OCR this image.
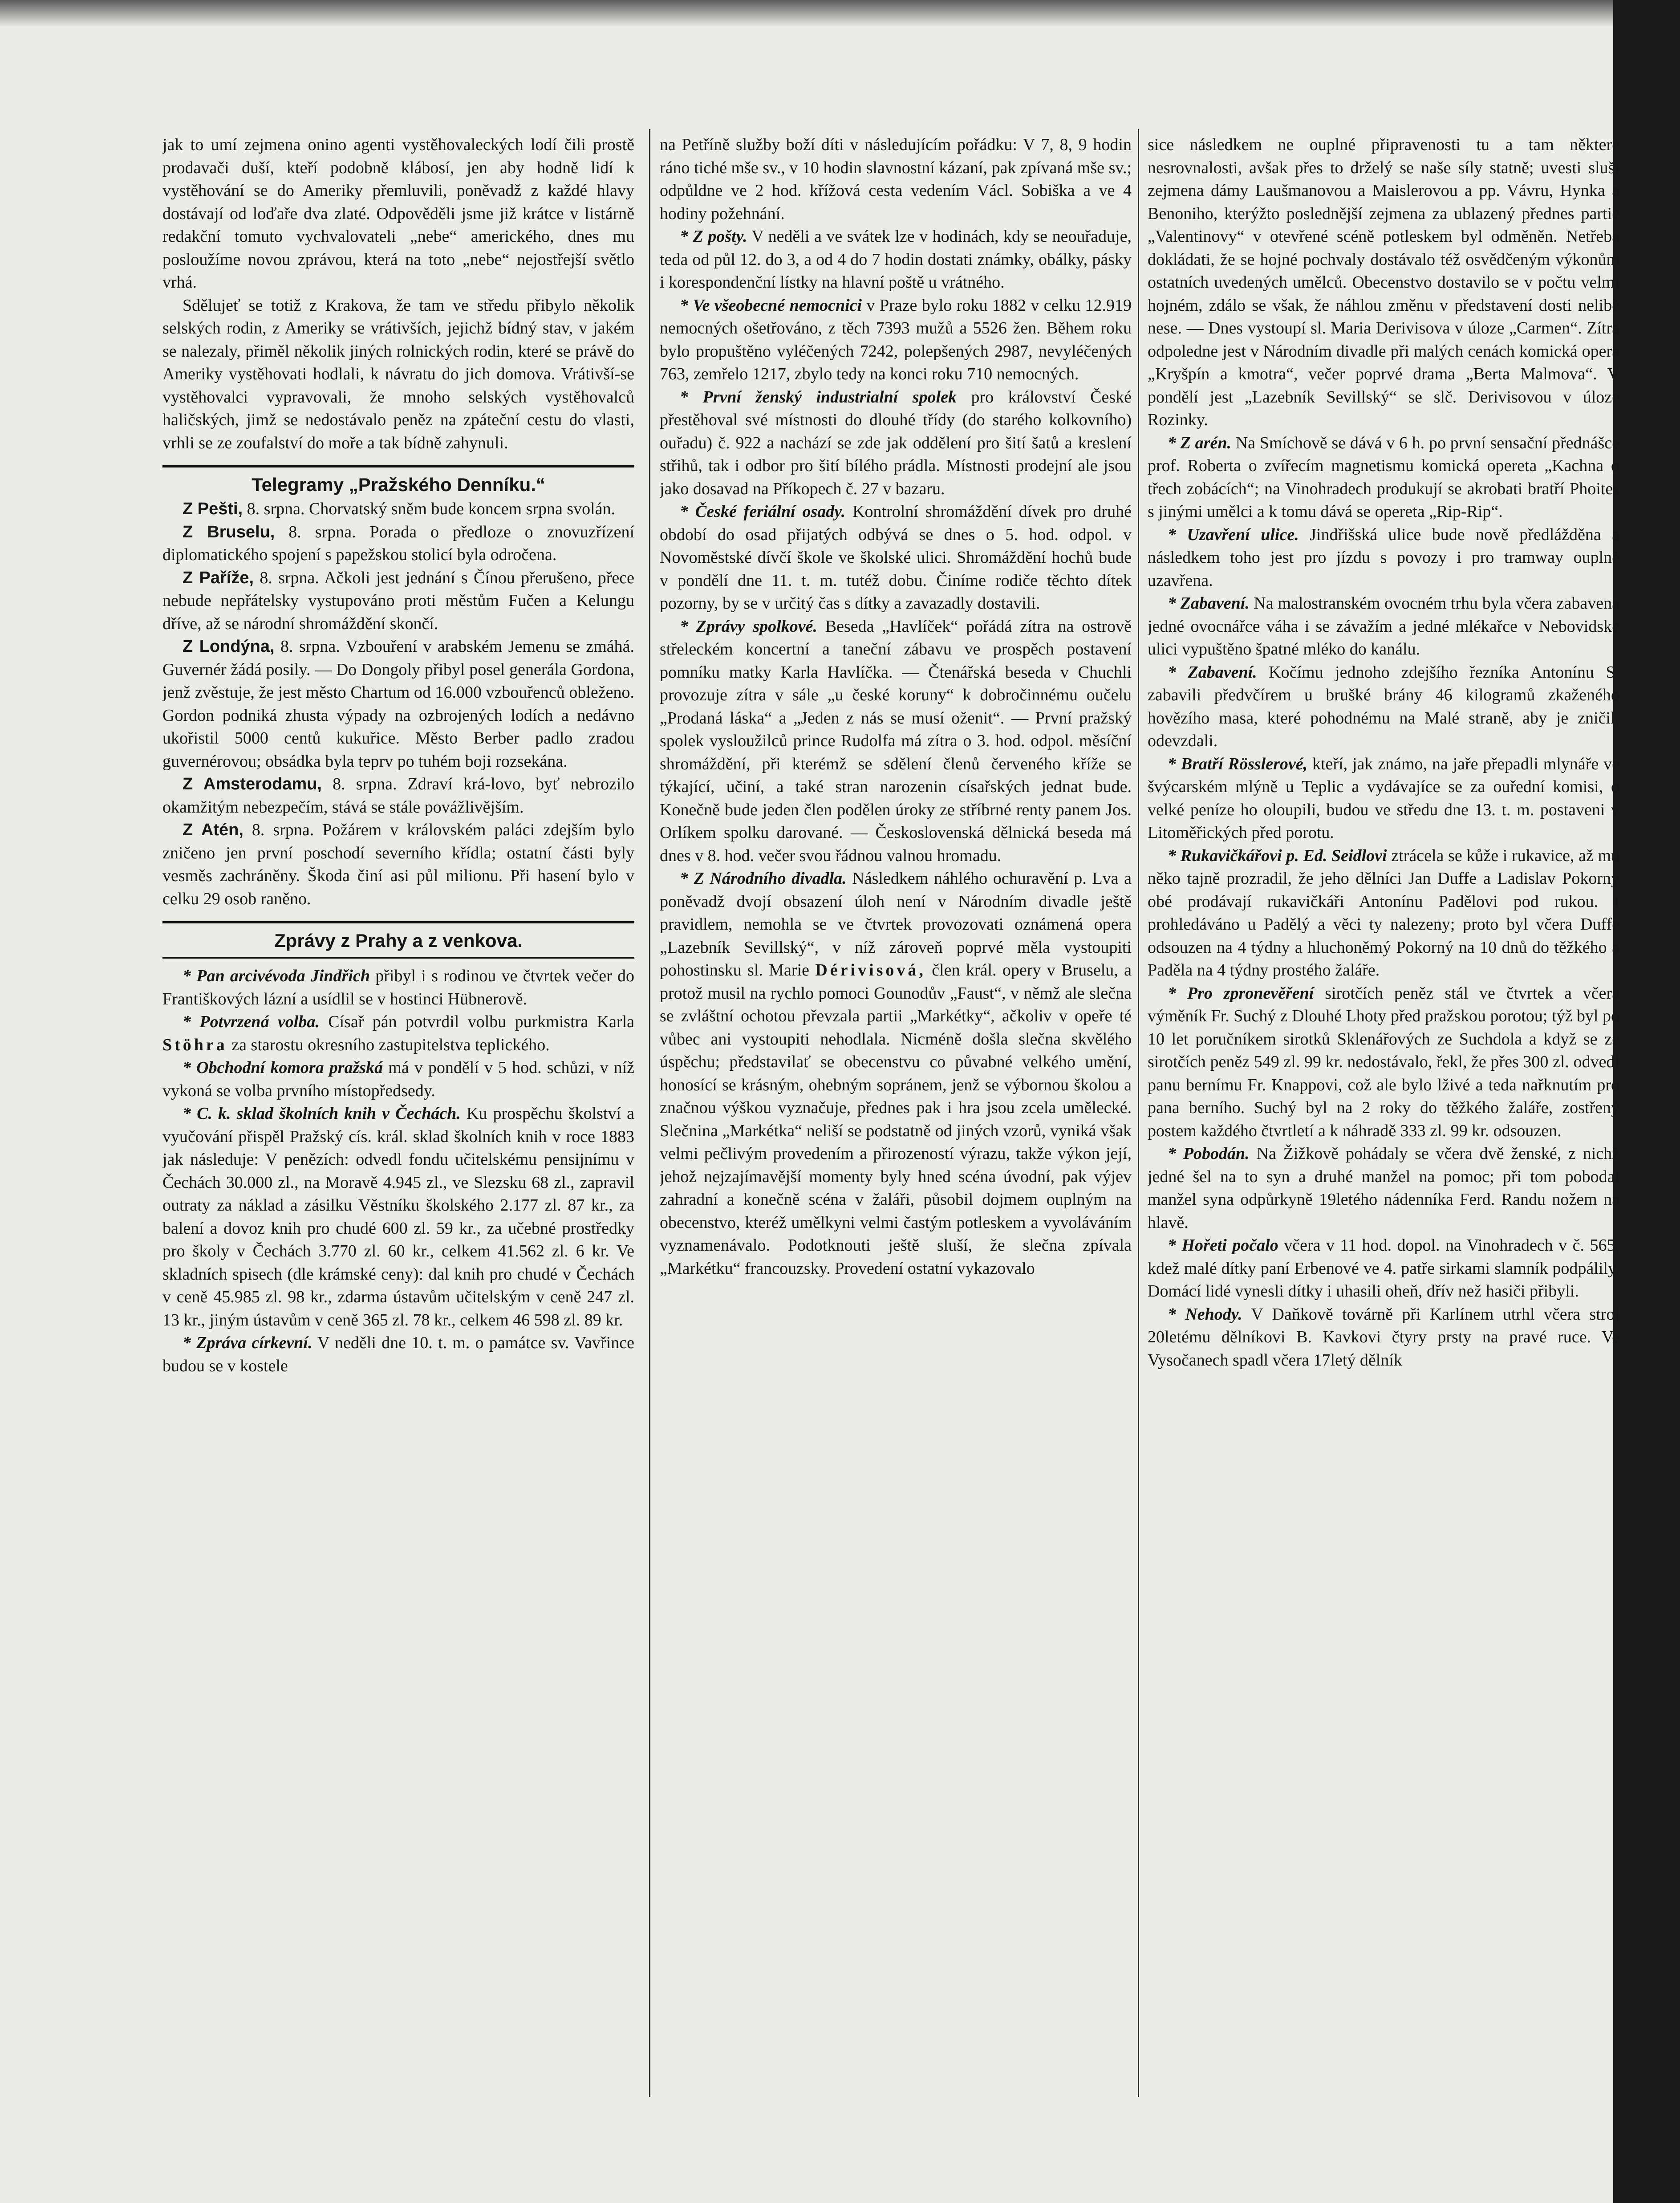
jak to umí zejmena onino agenti vystěhovaleckých lodí čili prostě prodavači duší, kteří podobně klábosí, jen aby hodně lidí k vystěhování se do Ameriky přemluvili, poněvadž z každé hlavy dostávají od loďaře dva zlaté. Odpověděli jsme již krátce v listárně redakční tomuto vychvalovateli „nebe“ amerického, dnes mu posloužíme novou zprávou, která na toto „nebe“ nejostřejší světlo vrhá.

Sdělujeť se totiž z Krakova, že tam ve středu přibylo několik selských rodin, z Ameriky se vrátivších, jejichž bídný stav, v jakém se nalezaly, přiměl několik jiných rolnických rodin, které se právě do Ameriky vystěhovati hodlali, k návratu do jich domova. Vrátivší-se vystěhovalci vypravovali, že mnoho selských vystěhovalců haličských, jimž se nedostávalo peněz na zpáteční cestu do vlasti, vrhli se ze zoufalství do moře a tak bídně zahynuli.

Telegramy „Pražského Denníku.“

Z Pešti, 8. srpna. Chorvatský sněm bude koncem srpna svolán.

Z Bruselu, 8. srpna. Porada o předloze o znovuzřízení diplomatického spojení s papežskou stolicí byla odročena.

Z Paříže, 8. srpna. Ačkoli jest jednání s Čínou přerušeno, přece nebude nepřátelsky vystupováno proti městům Fučen a Kelungu dříve, až se národní shromáždění skončí.

Z Londýna, 8. srpna. Vzbouření v arabském Jemenu se zmáhá. Guvernér žádá posily. — Do Dongoly přibyl posel generála Gordona, jenž zvěstuje, že jest město Chartum od 16.000 vzbouřenců obleženo. Gordon podniká zhusta výpady na ozbrojených lodích a nedávno ukořistil 5000 centů kukuřice. Město Berber padlo zradou guvernérovou; obsádka byla teprv po tuhém boji rozsekána.

Z Amsterodamu, 8. srpna. Zdraví krá-lovo, byť nebrozilo okamžitým nebezpečím, stává se stále povážlivějším.

Z Atén, 8. srpna. Požárem v královském paláci zdejším bylo zničeno jen první poschodí severního křídla; ostatní části byly vesměs zachráněny. Škoda činí asi půl milionu. Při hasení bylo v celku 29 osob raněno.

Zprávy z Prahy a z venkova.

* Pan arcivévoda Jindřich přibyl i s rodinou ve čtvrtek večer do Františkových lázní a usídlil se v hostinci Hübnerově.

* Potvrzená volba. Císař pán potvrdil volbu purkmistra Karla Stöhra za starostu okresního zastupitelstva teplického.

* Obchodní komora pražská má v pondělí v 5 hod. schůzi, v níž vykoná se volba prvního místopředsedy.

* C. k. sklad školních knih v Čechách. Ku prospěchu školství a vyučování přispěl Pražský cís. král. sklad školních knih v roce 1883 jak následuje: V penězích: odvedl fondu učitelskému pensijnímu v Čechách 30.000 zl., na Moravě 4.945 zl., ve Slezsku 68 zl., zapravil outraty za náklad a zásilku Věstníku školského 2.177 zl. 87 kr., za balení a dovoz knih pro chudé 600 zl. 59 kr., za učebné prostředky pro školy v Čechách 3.770 zl. 60 kr., celkem 41.562 zl. 6 kr. Ve skladních spisech (dle krámské ceny): dal knih pro chudé v Čechách v ceně 45.985 zl. 98 kr., zdarma ústavům učitelským v ceně 247 zl. 13 kr., jiným ústavům v ceně 365 zl. 78 kr., celkem 46 598 zl. 89 kr.

* Zpráva církevní. V neděli dne 10. t. m. o památce sv. Vavřince budou se v kostele

na Petříně služby boží díti v následujícím pořádku: V 7, 8, 9 hodin ráno tiché mše sv., v 10 hodin slavnostní kázaní, pak zpívaná mše sv.; odpůldne ve 2 hod. křížová cesta vedením Václ. Sobiška a ve 4 hodiny požehnání.

* Z pošty. V neděli a ve svátek lze v hodinách, kdy se neouřaduje, teda od půl 12. do 3, a od 4 do 7 hodin dostati známky, obálky, pásky i korespondenční lístky na hlavní poště u vrátného.

* Ve všeobecné nemocnici v Praze bylo roku 1882 v celku 12.919 nemocných ošetřováno, z těch 7393 mužů a 5526 žen. Během roku bylo propuštěno vyléčených 7242, polepšených 2987, nevyléčených 763, zemřelo 1217, zbylo tedy na konci roku 710 nemocných.

* První ženský industrialní spolek pro království České přestěhoval své místnosti do dlouhé třídy (do starého kolkovního) ouřadu) č. 922 a nachází se zde jak oddělení pro šití šatů a kreslení střihů, tak i odbor pro šití bílého prádla. Místnosti prodejní ale jsou jako dosavad na Příkopech č. 27 v bazaru.

* České feriální osady. Kontrolní shromáždění dívek pro druhé období do osad přijatých odbývá se dnes o 5. hod. odpol. v Novoměstské dívčí škole ve školské ulici. Shromáždění hochů bude v pondělí dne 11. t. m. tutéž dobu. Činíme rodiče těchto dítek pozorny, by se v určitý čas s dítky a zavazadly dostavili.

* Zprávy spolkové. Beseda „Havlíček“ pořádá zítra na ostrově střeleckém koncertní a taneční zábavu ve prospěch postavení pomníku matky Karla Havlíčka. — Čtenářská beseda v Chuchli provozuje zítra v sále „u české koruny“ k dobročinnému oučelu „Prodaná láska“ a „Jeden z nás se musí oženit“. — První pražský spolek vysloužilců prince Rudolfa má zítra o 3. hod. odpol. měsíční shromáždění, při kterémž se sdělení členů červeného kříže se týkající, učiní, a také stran narozenin císařských jednat bude. Konečně bude jeden člen podělen úroky ze stříbrné renty panem Jos. Orlíkem spolku darované. — Československá dělnická beseda má dnes v 8. hod. večer svou řádnou valnou hromadu.

* Z Národního divadla. Následkem náhlého ochuravění p. Lva a poněvadž dvojí obsazení úloh není v Národním divadle ještě pravidlem, nemohla se ve čtvrtek provozovati oznámená opera „Lazebník Sevillský“, v níž zároveň poprvé měla vystoupiti pohostinsku sl. Marie Dérivisová, člen král. opery v Bruselu, a protož musil na rychlo pomoci Gounodův „Faust“, v němž ale slečna se zvláštní ochotou převzala partii „Markétky“, ačkoliv v opeře té vůbec ani vystoupiti nehodlala. Nicméně došla slečna skvělého úspěchu; představilať se obecenstvu co půvabné velkého umění, honosící se krásným, ohebným sopránem, jenž se výbornou školou a značnou výškou vyznačuje, přednes pak i hra jsou zcela umělecké. Slečnina „Markétka“ neliší se podstatně od jiných vzorů, vyniká však velmi pečlivým provedením a přirozeností výrazu, takže výkon její, jehož nejzajímavější momenty byly hned scéna úvodní, pak výjev zahradní a konečně scéna v žaláři, působil dojmem ouplným na obecenstvo, kteréž umělkyni velmi častým potleskem a vyvoláváním vyznamenávalo. Podotknouti ještě sluší, že slečna zpívala „Markétku“ francouzsky. Provedení ostatní vykazovalo

sice následkem ne ouplné připravenosti tu a tam některé nesrovnalosti, avšak přes to drželý se naše síly statně; uvesti sluší zejmena dámy Laušmanovou a Maislerovou a pp. Vávru, Hynka a Benoniho, kterýžto poslednější zejmena za ublazený přednes partie „Valentinovy“ v otevřené scéně potleskem byl odměněn. Netřeba dokládati, že se hojné pochvaly dostávalo též osvědčeným výkonům ostatních uvedených umělců. Obecenstvo dostavilo se v počtu velmi hojném, zdálo se však, že náhlou změnu v představení dosti nelibě nese. — Dnes vystoupí sl. Maria Derivisova v úloze „Carmen“. Zítra odpoledne jest v Národním divadle při malých cenách komická opera „Kryšpín a kmotra“, večer poprvé drama „Berta Malmova“. V pondělí jest „Lazebník Sevillský“ se slč. Derivisovou v úloze Rozinky.

* Z arén. Na Smíchově se dává v 6 h. po první sensační přednášce prof. Roberta o zvířecím magnetismu komická opereta „Kachna o třech zobácích“; na Vinohradech produkují se akrobati bratří Phoites s jinými umělci a k tomu dává se opereta „Rip-Rip“.

* Uzavření ulice. Jindřišská ulice bude nově předlážděna a následkem toho jest pro jízdu s povozy i pro tramway ouplně uzavřena.

* Zabavení. Na malostranském ovocném trhu byla včera zabavena jedné ovocnářce váha i se závažím a jedné mlékařce v Nebovidské ulici vypuštěno špatné mléko do kanálu.

* Zabavení. Kočímu jednoho zdejšího řezníka Antonínu S. zabavili předvčírem u brušké brány 46 kilogramů zkaženého hovězího masa, které pohodnému na Malé straně, aby je zničil, odevzdali.

* Bratří Rösslerové, kteří, jak známo, na jaře přepadli mlynáře ve švýcarském mlýně u Teplic a vydávajíce se za ouřední komisi, o velké peníze ho oloupili, budou ve středu dne 13. t. m. postaveni v Litoměřických před porotu.

* Rukavičkářovi p. Ed. Seidlovi ztrácela se kůže i rukavice, až mu něko tajně prozradil, že jeho dělníci Jan Duffe a Ladislav Pokorný obé prodávají rukavičkáři Antonínu Padělovi pod rukou. I prohledáváno u Padělý a věci ty nalezeny; proto byl včera Duffe odsouzen na 4 týdny a hluchoněmý Pokorný na 10 dnů do těžkého a Paděla na 4 týdny prostého žaláře.

* Pro zpronevěření sirotčích peněz stál ve čtvrtek a včera výměník Fr. Suchý z Dlouhé Lhoty před pražskou porotou; týž byl po 10 let poručníkem sirotků Sklenářových ze Suchdola a když se ze sirotčích peněz 549 zl. 99 kr. nedostávalo, řekl, že přes 300 zl. odvedl panu bernímu Fr. Knappovi, což ale bylo lživé a teda nařknutím pro pana berního. Suchý byl na 2 roky do těžkého žaláře, zostřený postem každého čtvrtletí a k náhradě 333 zl. 99 kr. odsouzen.

* Pobodán. Na Žižkově pohádaly se včera dvě ženské, z nichž jedné šel na to syn a druhé manžel na pomoc; při tom pobodal manžel syna odpůrkyně 19letého nádenníka Ferd. Randu nožem na hlavě.

* Hořeti počalo včera v 11 hod. dopol. na Vinohradech v č. 565, kdež malé dítky paní Erbenové ve 4. patře sirkami slamník podpálily. Domácí lidé vynesli dítky i uhasili oheň, dřív než hasiči přibyli.

* Nehody. V Daňkově továrně při Karlínem utrhl včera stroj 20letému dělníkovi B. Kavkovi čtyry prsty na pravé ruce. Ve Vysočanech spadl včera 17letý dělník
